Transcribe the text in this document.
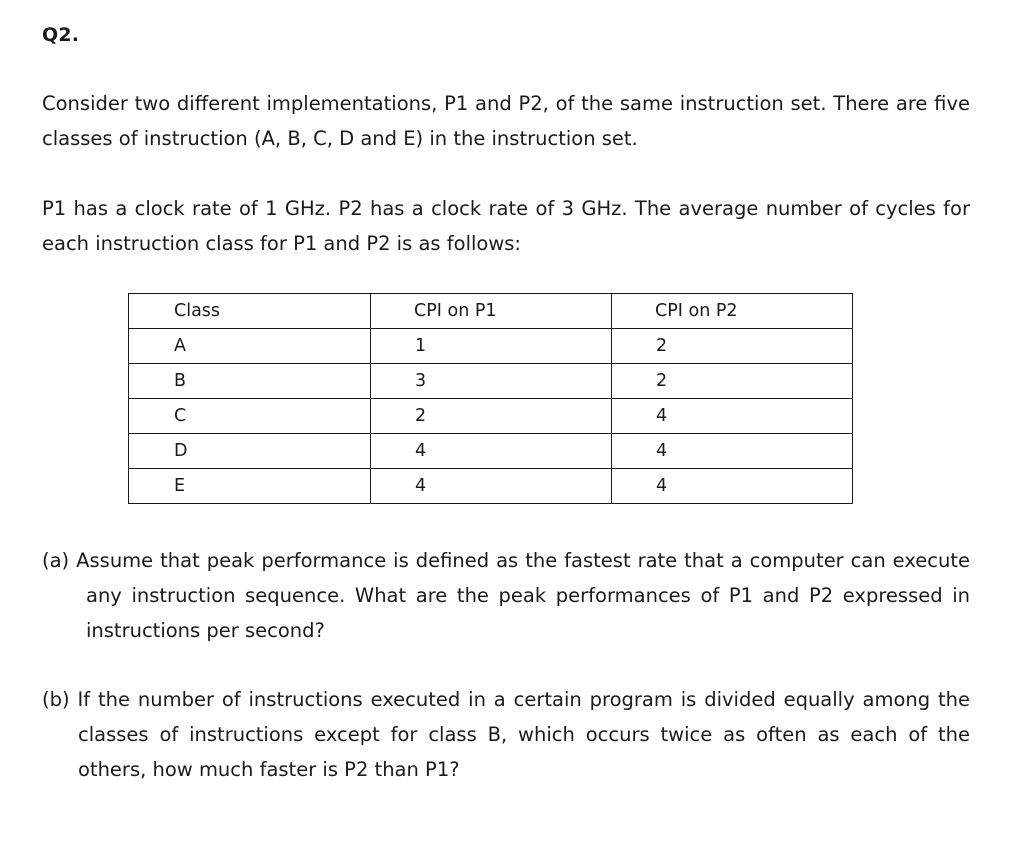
Q2.

Consider two different implementations, P1 and P2, of the same instruction set. There are five classes of instruction (A, B, C, D and E) in the instruction set.

P1 has a clock rate of 1 GHz. P2 has a clock rate of 3 GHz. The average number of cycles for each instruction class for P1 and P2 is as follows:

Class	CPI on P1	CPI on P2
A	1	2
B	3	2
C	2	4
D	4	4
E	4	4
(a) Assume that peak performance is defined as the fastest rate that a computer can execute any instruction sequence. What are the peak performances of P1 and P2 expressed in instructions per second?
(b) If the number of instructions executed in a certain program is divided equally among the classes of instructions except for class B, which occurs twice as often as each of the others, how much faster is P2 than P1?
